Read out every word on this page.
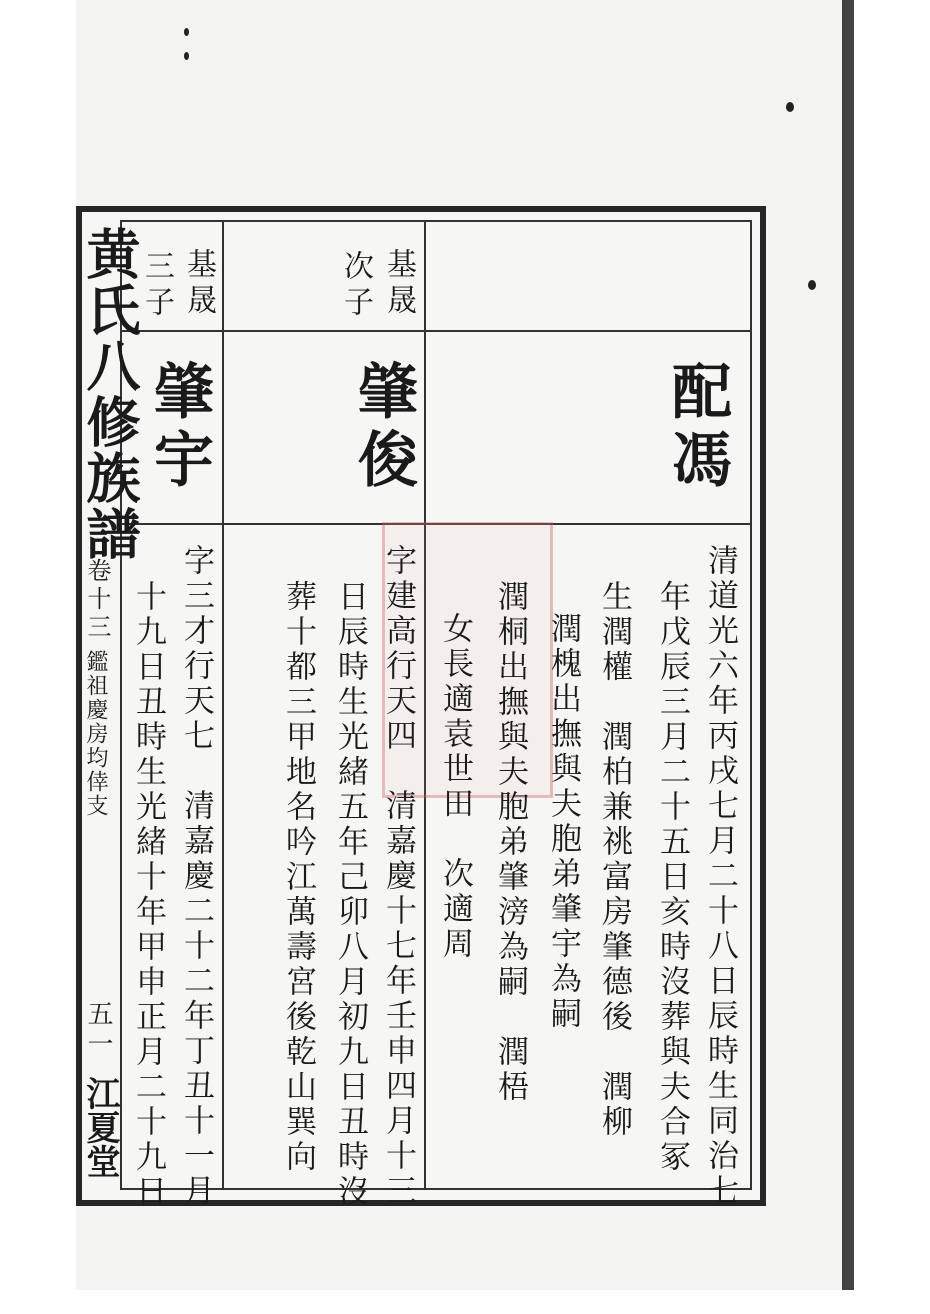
黄氏八修族譜
卷十三
鑑祖慶房均倖支
五一
江夏堂
配馮
清道光六年丙戌七月二十八日辰時生同治七
年戊辰三月二十五日亥時沒葬與夫合冢
生潤權　潤柏兼祧富房肇德後　潤柳
潤槐出撫與夫胞弟肇宇為嗣
潤桐出撫與夫胞弟肇滂為嗣　潤梧
女長適袁世田　次適周
基晟
次子
肇俊
字建高行天四　清嘉慶十七年壬申四月十三
日辰時生光緒五年己卯八月初九日丑時沒
葬十都三甲地名吟江萬壽宮後乾山巽向
基晟
三子
肇宇
字三才行天七　清嘉慶二十二年丁丑十一月
十九日丑時生光緒十年甲申正月二十九日
